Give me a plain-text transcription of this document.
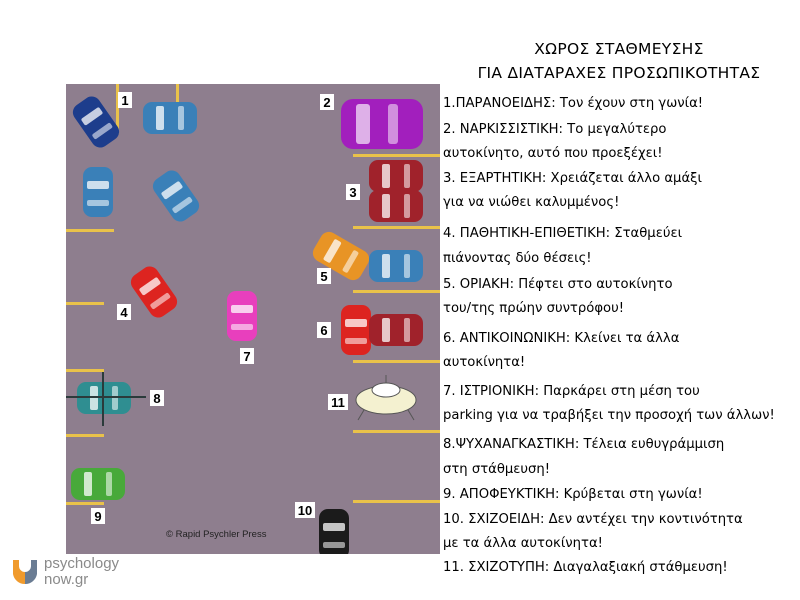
ΧΩΡΟΣ ΣΤΑΘΜΕΥΣΗΣ
ΓΙΑ ΔΙΑΤΑΡΑΧΕΣ ΠΡΟΣΩΠΙΚΟΤΗΤΑΣ
1.ΠΑΡΑΝΟΕΙΔΗΣ: Τον έχουν στη γωνία!
2. ΝΑΡΚΙΣΣΙΣΤΙΚΗ: Το μεγαλύτερο
αυτοκίνητο, αυτό που προεξέχει!
3. ΕΞΑΡΤΗΤΙΚΗ: Χρειάζεται άλλο αμάξι
για να νιώθει καλυμμένος!
4. ΠΑΘΗΤΙΚΗ-ΕΠΙΘΕΤΙΚΗ: Σταθμεύει
πιάνοντας δύο θέσεις!
5. ΟΡΙΑΚΗ: Πέφτει στο αυτοκίνητο
του/της πρώην συντρόφου!
6. ΑΝΤΙΚΟΙΝΩΝΙΚΗ: Κλείνει τα άλλα
αυτοκίνητα!
7. ΙΣΤΡΙΟΝΙΚΗ: Παρκάρει στη μέση του
parking για να τραβήξει την προσοχή των άλλων!
8.ΨΥΧΑΝΑΓΚΑΣΤΙΚΗ: Τέλεια ευθυγράμμιση
στη στάθμευση!
9. ΑΠΟΦΕΥΚΤΙΚΗ: Κρύβεται στη γωνία!
10. ΣΧΙΖΟΕΙΔΗ: Δεν αντέχει την κοντινότητα
με τα άλλα αυτοκίνητα!
11. ΣΧΙΖΟΤΥΠΗ: Διαγαλαξιακή στάθμευση!
1	2
3
4
5
6
7
8
9	10
11
© Rapid Psychler Press
psychology
now.gr
